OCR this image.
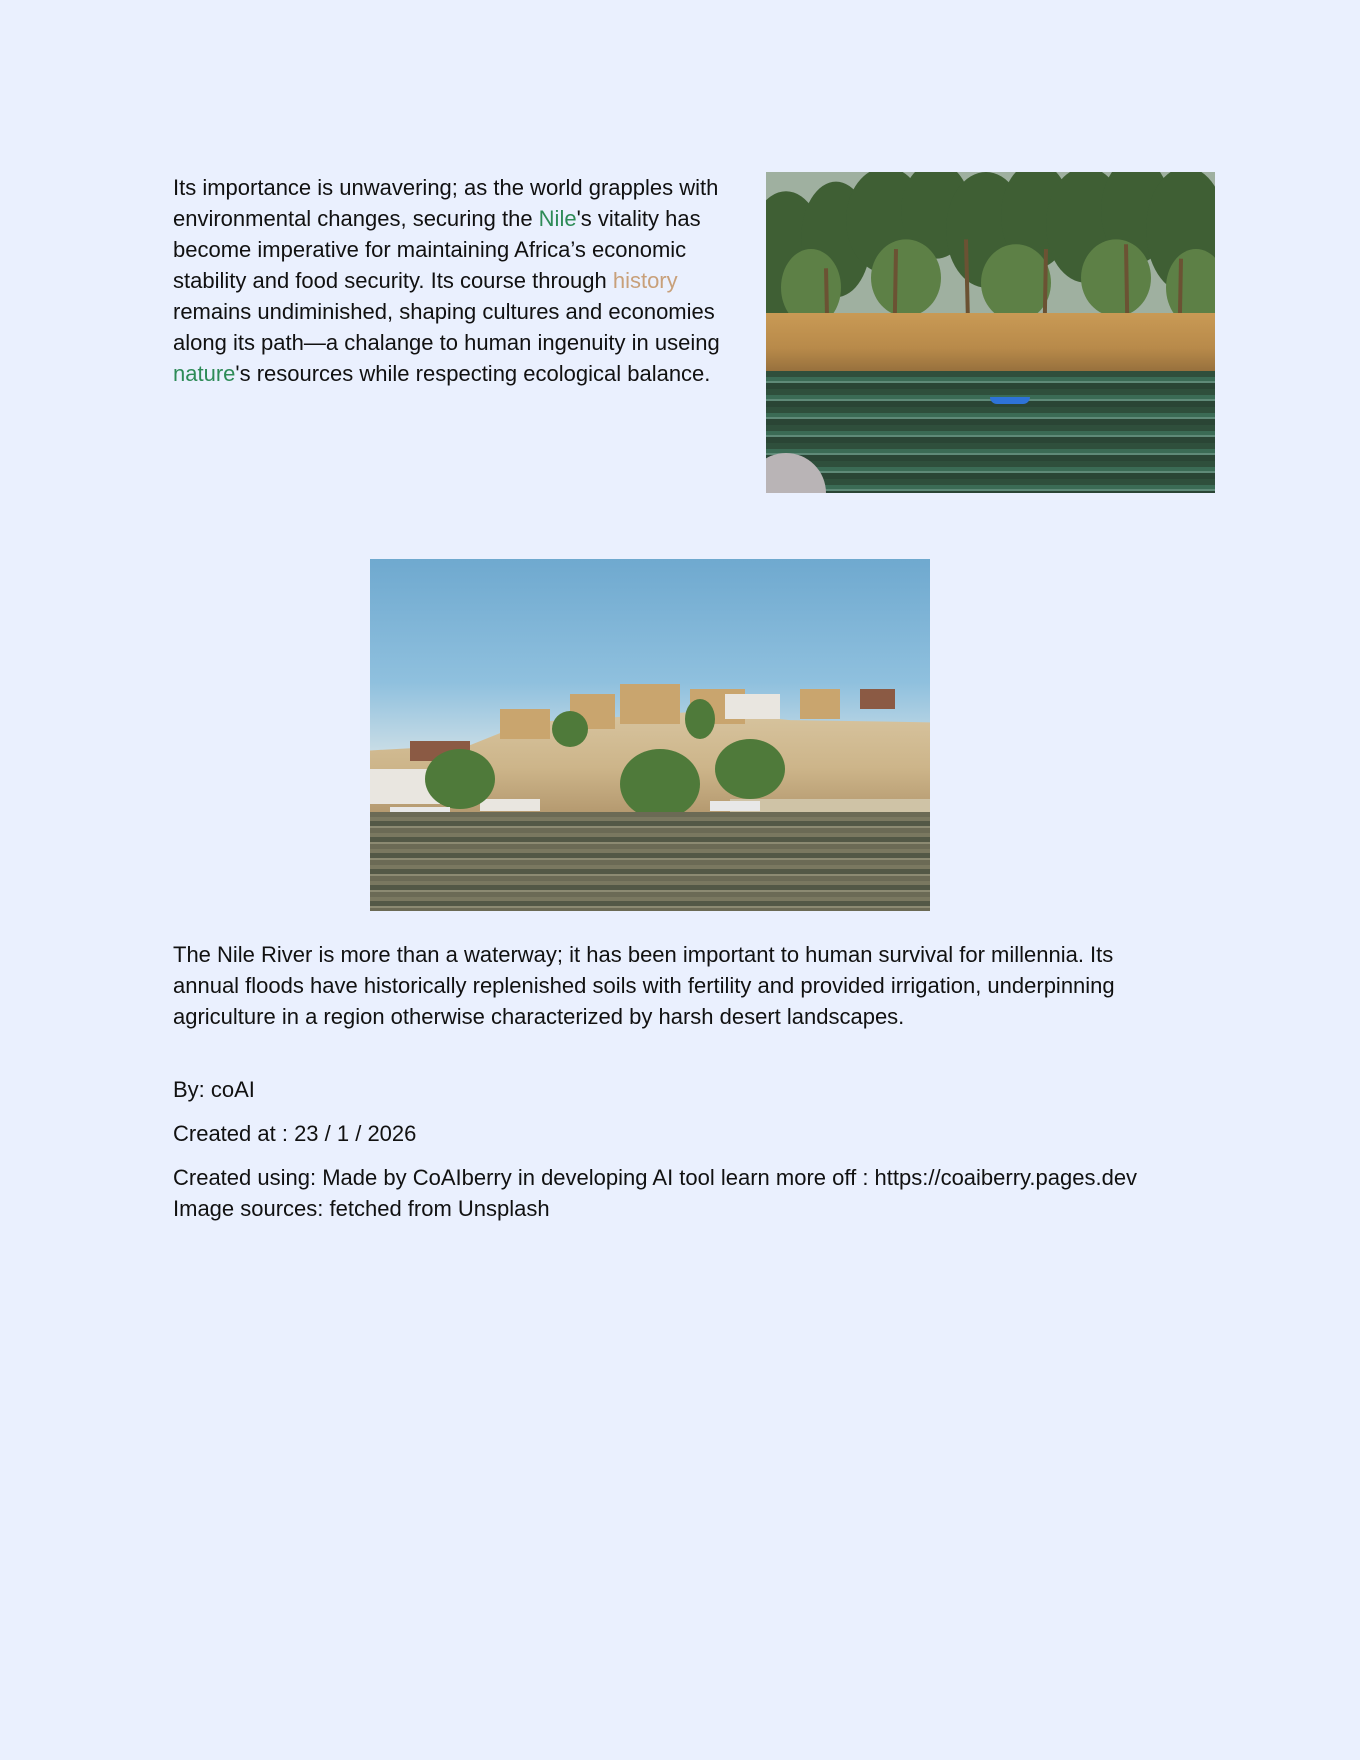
Its importance is unwavering; as the world grapples with environmental changes, securing the Nile's vitality has become imperative for maintaining Africa’s economic stability and food security. Its course through history remains undiminished, shaping cultures and economies along its path—a chalange to human ingenuity in useing nature's resources while respecting ecological balance.

The Nile River is more than a waterway; it has been important to human survival for millennia. Its annual floods have historically replenished soils with fertility and provided irrigation, underpinning agriculture in a region otherwise characterized by harsh desert landscapes.

By: coAI

Created at : 23 / 1 / 2026

Created using: Made by CoAIberry in developing AI tool learn more off : https://coaiberry.pages.dev

Image sources: fetched from Unsplash
